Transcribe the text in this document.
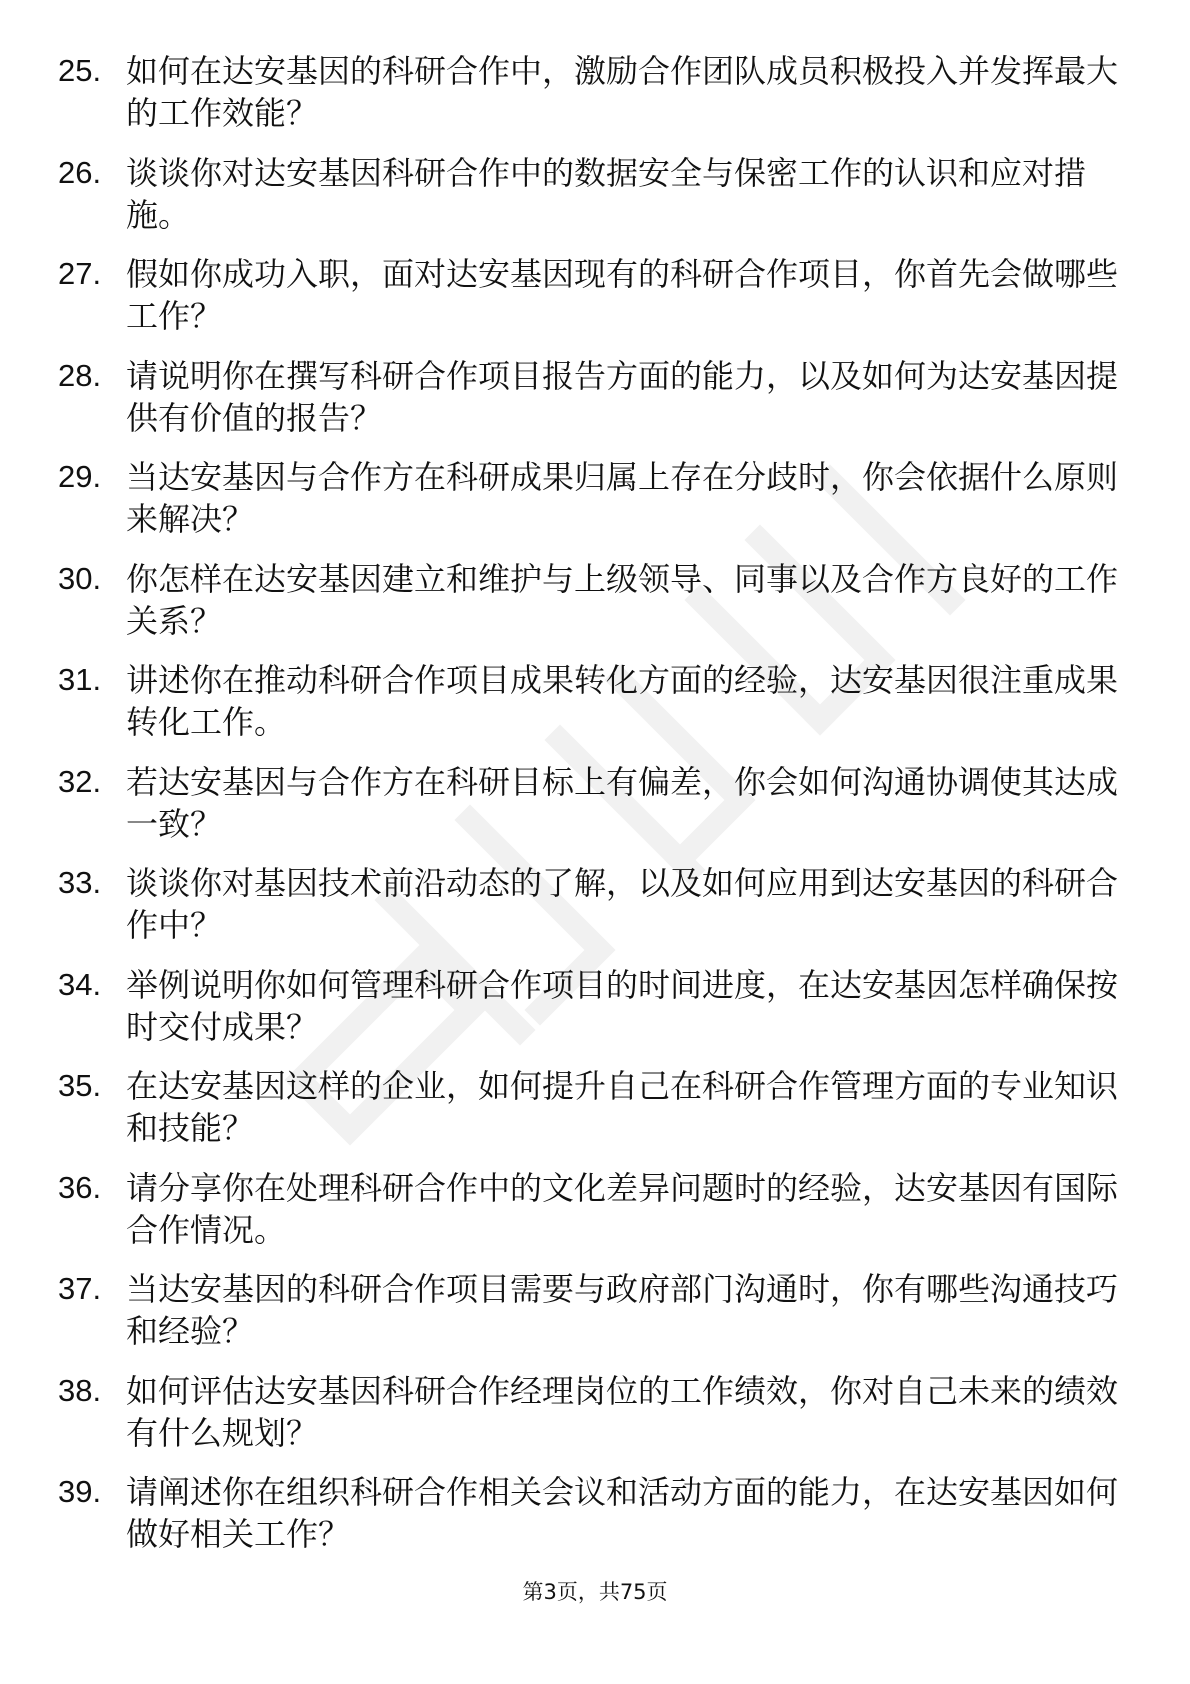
25. 如何在达安基因的科研合作中，激励合作团队成员积极投入并发挥最大的工作效能？
26. 谈谈你对达安基因科研合作中的数据安全与保密工作的认识和应对措施。
27. 假如你成功入职，面对达安基因现有的科研合作项目，你首先会做哪些工作？
28. 请说明你在撰写科研合作项目报告方面的能力，以及如何为达安基因提供有价值的报告？
29. 当达安基因与合作方在科研成果归属上存在分歧时，你会依据什么原则来解决？
30. 你怎样在达安基因建立和维护与上级领导、同事以及合作方良好的工作关系？
31. 讲述你在推动科研合作项目成果转化方面的经验，达安基因很注重成果转化工作。
32. 若达安基因与合作方在科研目标上有偏差，你会如何沟通协调使其达成一致？
33. 谈谈你对基因技术前沿动态的了解，以及如何应用到达安基因的科研合作中？
34. 举例说明你如何管理科研合作项目的时间进度，在达安基因怎样确保按时交付成果？
35. 在达安基因这样的企业，如何提升自己在科研合作管理方面的专业知识和技能？
36. 请分享你在处理科研合作中的文化差异问题时的经验，达安基因有国际合作情况。
37. 当达安基因的科研合作项目需要与政府部门沟通时，你有哪些沟通技巧和经验？
38. 如何评估达安基因科研合作经理岗位的工作绩效，你对自己未来的绩效有什么规划？
39. 请阐述你在组织科研合作相关会议和活动方面的能力，在达安基因如何做好相关工作？
第3页，共75页
